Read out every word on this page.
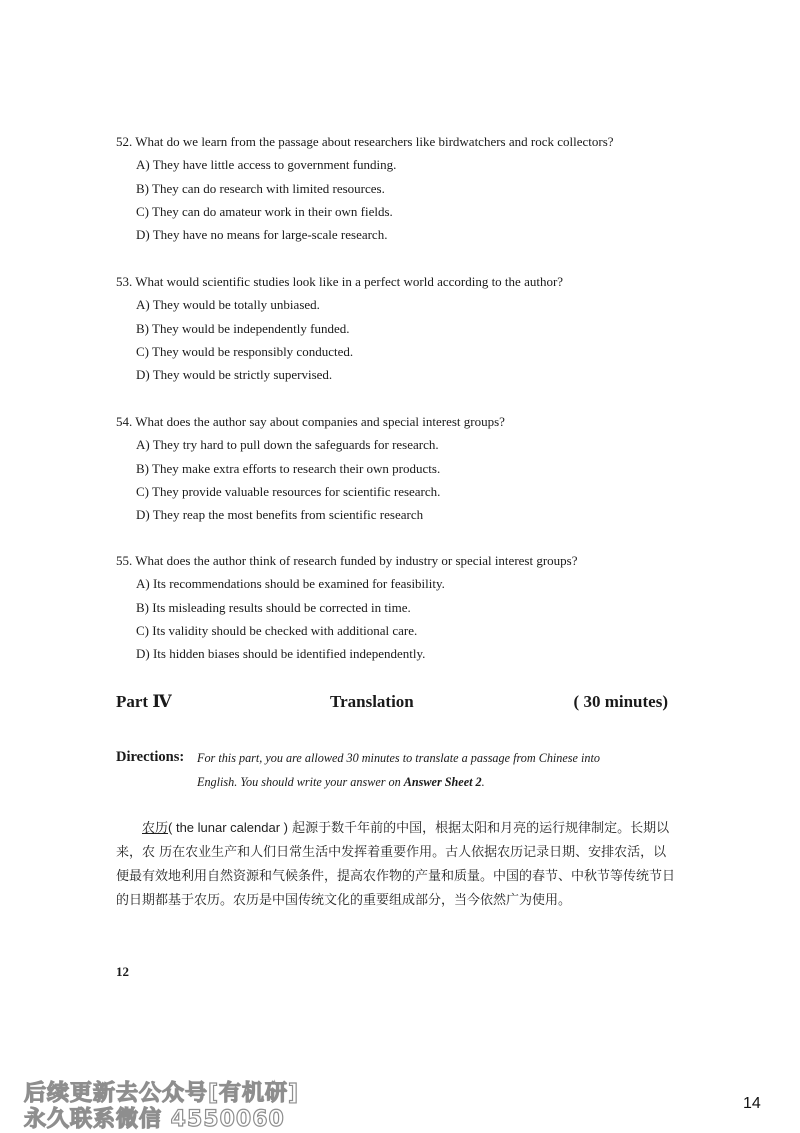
52. What do we learn from the passage about researchers like birdwatchers and rock collectors?
A) They have little access to government funding.
B) They can do research with limited resources.
C) They can do amateur work in their own fields.
D) They have no means for large-scale research.
53. What would scientific studies look like in a perfect world according to the author?
A) They would be totally unbiased.
B) They would be independently funded.
C) They would be responsibly conducted.
D) They would be strictly supervised.
54. What does the author say about companies and special interest groups?
A) They try hard to pull down the safeguards for research.
B) They make extra efforts to research their own products.
C) They provide valuable resources for scientific research.
D) They reap the most benefits from scientific research
55. What does the author think of research funded by industry or special interest groups?
A) Its recommendations should be examined for feasibility.
B) Its misleading results should be corrected in time.
C) Its validity should be checked with additional care.
D) Its hidden biases should be identified independently.
Part Ⅳ	Translation	( 30 minutes)
Directions: For this part, you are allowed 30 minutes to translate a passage from Chinese into
English. You should write your answer on Answer Sheet 2.

农历( the lunar calendar ) 起源于数千年前的中国，根据太阳和月亮的运行规律制定。长期以来，农 历在农业生产和人们日常生活中发挥着重要作用。古人依据农历记录日期、安排农活，以便最有效地利用自然资源和气候条件，提高农作物的产量和质量。中国的春节、中秋节等传统节日的日期都基于农历。农历是中国传统文化的重要组成部分，当今依然广为使用。

12
后续更新去公众号[有机研]
永久联系微信 4550060
14
